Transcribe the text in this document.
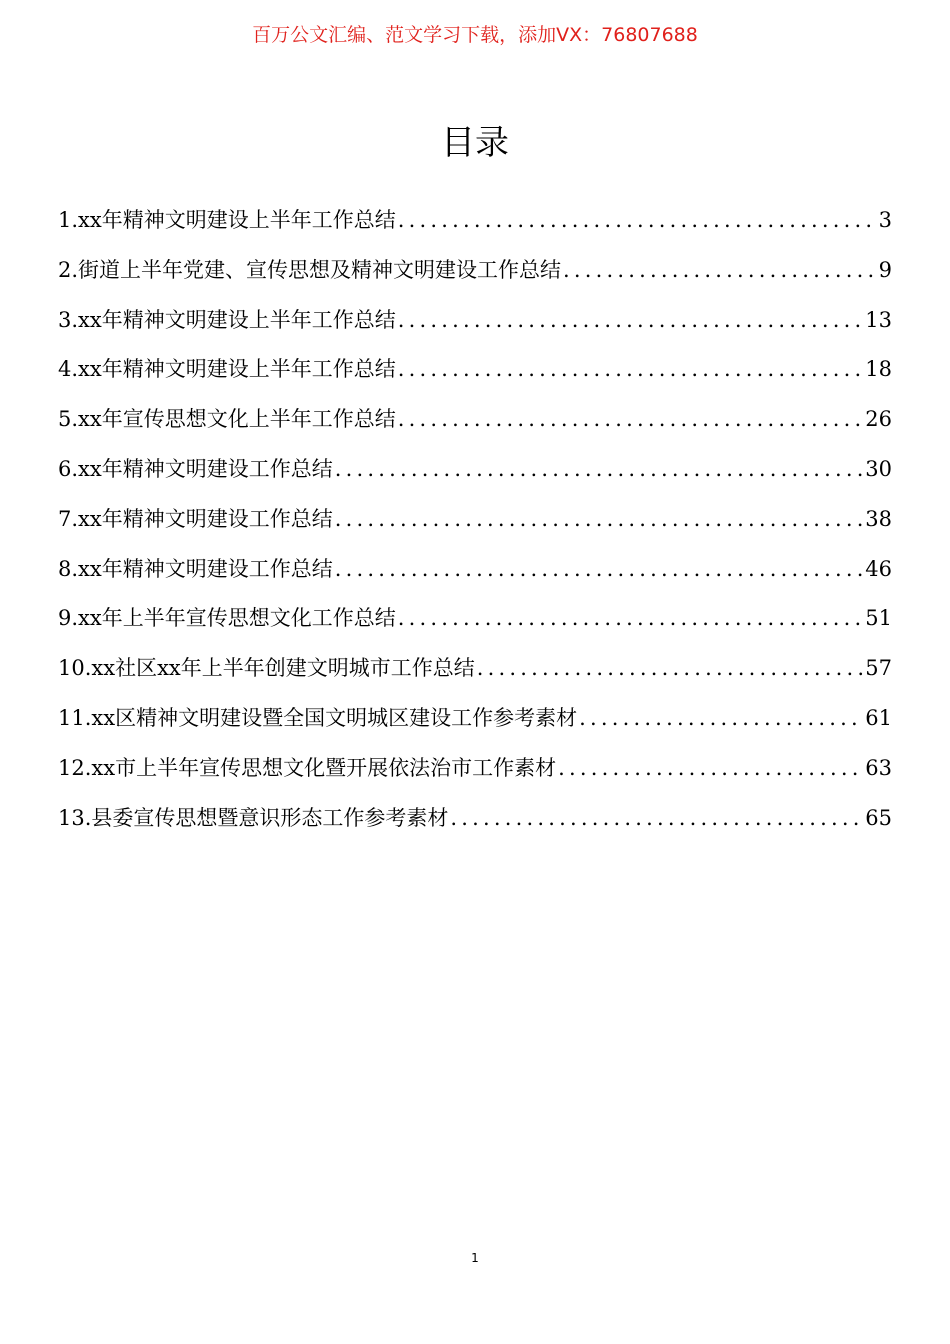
百万公文汇编、范文学习下载，添加VX：76807688
目录
1.xx年精神文明建设上半年工作总结 .....	3
2.街道上半年党建、宣传思想及精神文明建设工作总结 .....	9
3.xx年精神文明建设上半年工作总结 .....	13
4.xx年精神文明建设上半年工作总结 .....	18
5.xx年宣传思想文化上半年工作总结 .....	26
6.xx年精神文明建设工作总结 .....	30
7.xx年精神文明建设工作总结 .....	38
8.xx年精神文明建设工作总结 .....	46
9.xx年上半年宣传思想文化工作总结 .....	51
10.xx社区xx年上半年创建文明城市工作总结 .....	57
11.xx区精神文明建设暨全国文明城区建设工作参考素材 .....	61
12.xx市上半年宣传思想文化暨开展依法治市工作素材 .....	63
13.县委宣传思想暨意识形态工作参考素材 .....	65
1
